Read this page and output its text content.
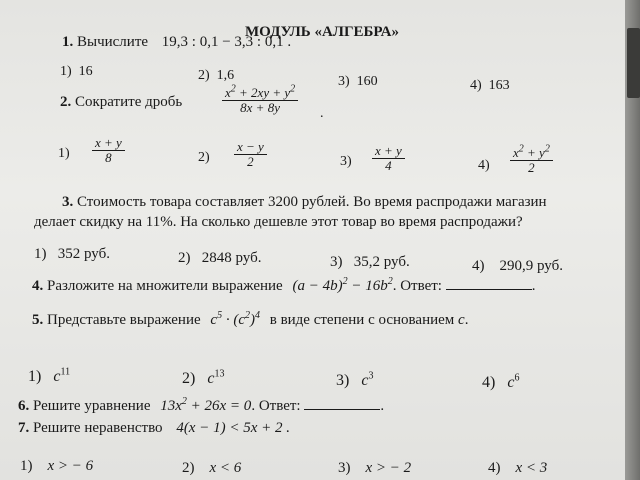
МОДУЛЬ «АЛГЕБРА»
1. Вычислите 19,3 : 0,1 − 3,3 : 0,1 .
1) 16	2) 1,6	3) 160	4) 163
2. Сократите дробь	$\frac{x^2 + 2xy + y^2}{8x + 8y}$ .
$1) \frac{x + y}{8}$	$2) \frac{x - y}{2}$	$3) \frac{x + y}{4}$	$4) \frac{x^2 + y^2}{2}$
3. Стоимость товара составляет 3200 рублей. Во время распродажи магазин
делает скидку на 11%. На сколько дешевле этот товар во время распродажи?
1) 352 руб.	2) 2848 руб.	3) 35,2 руб.	4) 290,9 руб.
4. Разложите на множители выражение $(a - 4b)^2 - 16b^2$. Ответ:	.
5. Представьте выражение $c^5 \cdot (c^2)^4$ в виде степени с основанием c.
1) $c^{11}$	2) $c^{13}$	3) $c^3$	4) $c^6$
6. Решите уравнение $13x^2 + 26x = 0$. Ответ:	.
7. Решите неравенство 4(x − 1) < 5x + 2 .
1) x > − 6	2) x < 6	3) x > − 2	4) x < 3
